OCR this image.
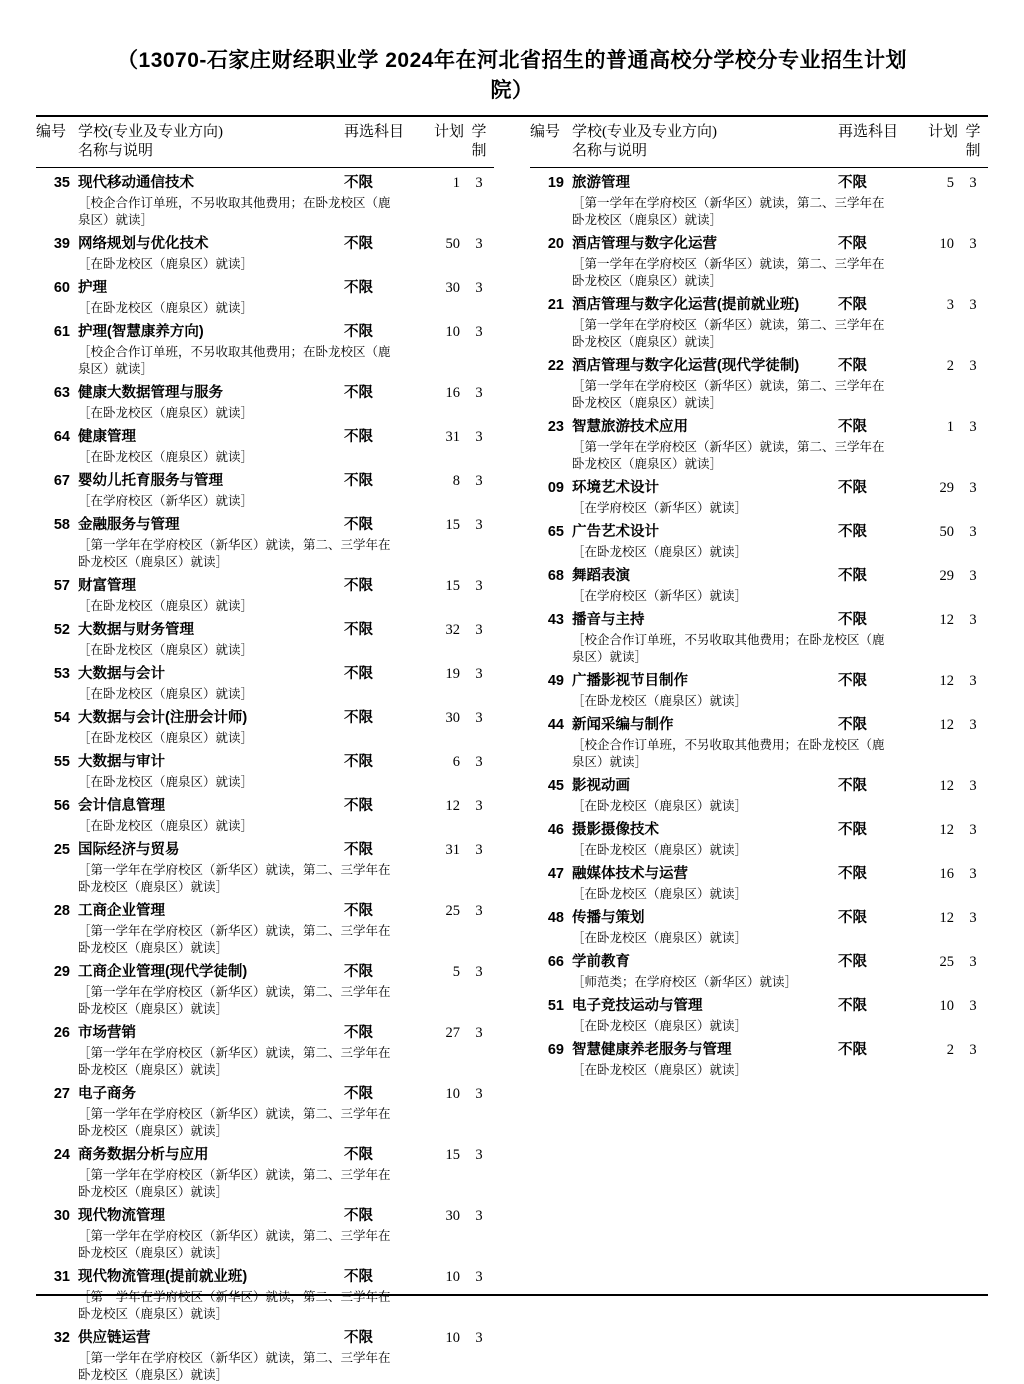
（13070-石家庄财经职业学 2024年在河北省招生的普通高校分学校分专业招生计划
院）
编号 学校(专业及专业方向)
名称与说明
再选科目	计划 学
制
35 现代移动通信技术	不限	1	3
［校企合作订单班，不另收取其他费用；在卧龙校区（鹿泉区）就读］
39 网络规划与优化技术	不限	50	3
［在卧龙校区（鹿泉区）就读］
60 护理	不限	30	3
［在卧龙校区（鹿泉区）就读］
61 护理(智慧康养方向)	不限	10	3
［校企合作订单班，不另收取其他费用；在卧龙校区（鹿泉区）就读］
63 健康大数据管理与服务	不限	16	3
［在卧龙校区（鹿泉区）就读］
64 健康管理	不限	31	3
［在卧龙校区（鹿泉区）就读］
67 婴幼儿托育服务与管理	不限	8	3
［在学府校区（新华区）就读］
58 金融服务与管理	不限	15	3
［第一学年在学府校区（新华区）就读，第二、三学年在卧龙校区（鹿泉区）就读］
57 财富管理	不限	15	3
［在卧龙校区（鹿泉区）就读］
52 大数据与财务管理	不限	32	3
［在卧龙校区（鹿泉区）就读］
53 大数据与会计	不限	19	3
［在卧龙校区（鹿泉区）就读］
54 大数据与会计(注册会计师)	不限	30	3
［在卧龙校区（鹿泉区）就读］
55 大数据与审计	不限	6	3
［在卧龙校区（鹿泉区）就读］
56 会计信息管理	不限	12	3
［在卧龙校区（鹿泉区）就读］
25 国际经济与贸易	不限	31	3
［第一学年在学府校区（新华区）就读，第二、三学年在卧龙校区（鹿泉区）就读］
28 工商企业管理	不限	25	3
［第一学年在学府校区（新华区）就读，第二、三学年在卧龙校区（鹿泉区）就读］
29 工商企业管理(现代学徒制)	不限	5	3
［第一学年在学府校区（新华区）就读，第二、三学年在卧龙校区（鹿泉区）就读］
26 市场营销	不限	27	3
［第一学年在学府校区（新华区）就读，第二、三学年在卧龙校区（鹿泉区）就读］
27 电子商务	不限	10	3
［第一学年在学府校区（新华区）就读，第二、三学年在卧龙校区（鹿泉区）就读］
24 商务数据分析与应用	不限	15	3
［第一学年在学府校区（新华区）就读，第二、三学年在卧龙校区（鹿泉区）就读］
30 现代物流管理	不限	30	3
［第一学年在学府校区（新华区）就读，第二、三学年在卧龙校区（鹿泉区）就读］
31 现代物流管理(提前就业班)	不限	10	3
［第一学年在学府校区（新华区）就读，第二、三学年在卧龙校区（鹿泉区）就读］
32 供应链运营	不限	10	3
［第一学年在学府校区（新华区）就读，第二、三学年在卧龙校区（鹿泉区）就读］
编号 学校(专业及专业方向)
名称与说明
再选科目	计划 学
制
19 旅游管理	不限	5	3
［第一学年在学府校区（新华区）就读，第二、三学年在卧龙校区（鹿泉区）就读］
20 酒店管理与数字化运营	不限	10	3
［第一学年在学府校区（新华区）就读，第二、三学年在卧龙校区（鹿泉区）就读］
21 酒店管理与数字化运营(提前就业班)	不限	3	3
［第一学年在学府校区（新华区）就读，第二、三学年在卧龙校区（鹿泉区）就读］
22 酒店管理与数字化运营(现代学徒制)	不限	2	3
［第一学年在学府校区（新华区）就读，第二、三学年在卧龙校区（鹿泉区）就读］
23 智慧旅游技术应用	不限	1	3
［第一学年在学府校区（新华区）就读，第二、三学年在卧龙校区（鹿泉区）就读］
09 环境艺术设计	不限	29	3
［在学府校区（新华区）就读］
65 广告艺术设计	不限	50	3
［在卧龙校区（鹿泉区）就读］
68 舞蹈表演	不限	29	3
［在学府校区（新华区）就读］
43 播音与主持	不限	12	3
［校企合作订单班，不另收取其他费用；在卧龙校区（鹿泉区）就读］
49 广播影视节目制作	不限	12	3
［在卧龙校区（鹿泉区）就读］
44 新闻采编与制作	不限	12	3
［校企合作订单班，不另收取其他费用；在卧龙校区（鹿泉区）就读］
45 影视动画	不限	12	3
［在卧龙校区（鹿泉区）就读］
46 摄影摄像技术	不限	12	3
［在卧龙校区（鹿泉区）就读］
47 融媒体技术与运营	不限	16	3
［在卧龙校区（鹿泉区）就读］
48 传播与策划	不限	12	3
［在卧龙校区（鹿泉区）就读］
66 学前教育	不限	25	3
［师范类；在学府校区（新华区）就读］
51 电子竞技运动与管理	不限	10	3
［在卧龙校区（鹿泉区）就读］
69 智慧健康养老服务与管理	不限	2	3
［在卧龙校区（鹿泉区）就读］
